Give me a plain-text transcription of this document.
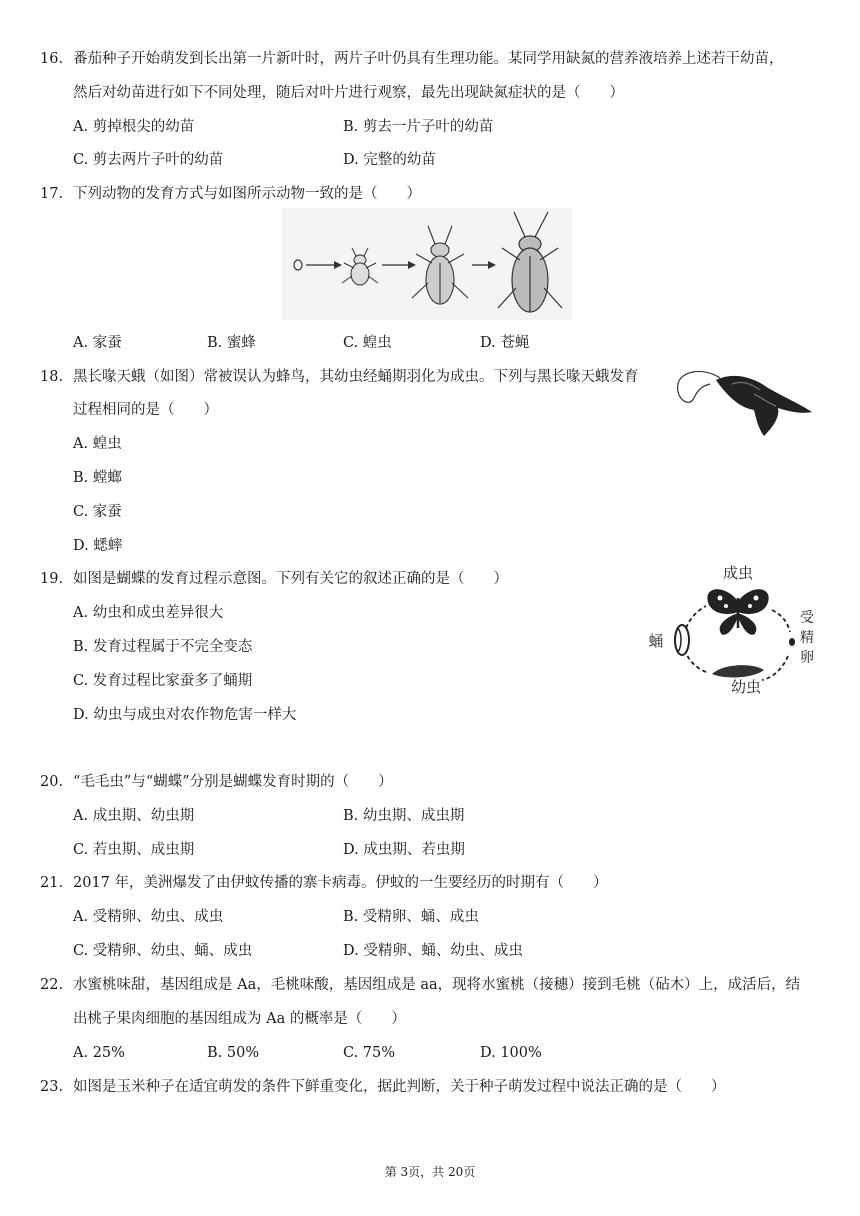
16. 番茄种子开始萌发到长出第一片新叶时，两片子叶仍具有生理功能。某同学用缺氮的营养液培养上述若干幼苗，
然后对幼苗进行如下不同处理，随后对叶片进行观察，最先出现缺氮症状的是（　　）
A. 剪掉根尖的幼苗	B. 剪去一片子叶的幼苗
C. 剪去两片子叶的幼苗	D. 完整的幼苗
17. 下列动物的发育方式与如图所示动物一致的是（　　）
A. 家蚕	B. 蜜蜂	C. 蝗虫	D. 苍蝇
18. 黑长喙天蛾（如图）常被误认为蜂鸟，其幼虫经蛹期羽化为成虫。下列与黑长喙天蛾发育
过程相同的是（　　）
A. 蝗虫
B. 螳螂
C. 家蚕
D. 蟋蟀
19. 如图是蝴蝶的发育过程示意图。下列有关它的叙述正确的是（　　）	成虫
受
精
卵
幼虫
蛹
A. 幼虫和成虫差异很大
B. 发育过程属于不完全变态
C. 发育过程比家蚕多了蛹期
D. 幼虫与成虫对农作物危害一样大
20. “毛毛虫”与“蝴蝶”分别是蝴蝶发育时期的（　　）
A. 成虫期、幼虫期	B. 幼虫期、成虫期
C. 若虫期、成虫期	D. 成虫期、若虫期
21. 2017 年，美洲爆发了由伊蚊传播的寨卡病毒。伊蚊的一生要经历的时期有（　　）
A. 受精卵、幼虫、成虫	B. 受精卵、蛹、成虫
C. 受精卵、幼虫、蛹、成虫	D. 受精卵、蛹、幼虫、成虫
22. 水蜜桃味甜，基因组成是 Aa，毛桃味酸，基因组成是 aa，现将水蜜桃（接穗）接到毛桃（砧木）上，成活后，结
出桃子果肉细胞的基因组成为 Aa 的概率是（　　）
A. 25%	B. 50%	C. 75%	D. 100%
23. 如图是玉米种子在适宜萌发的条件下鲜重变化，据此判断，关于种子萌发过程中说法正确的是（　　）
第 3页，共 20页
